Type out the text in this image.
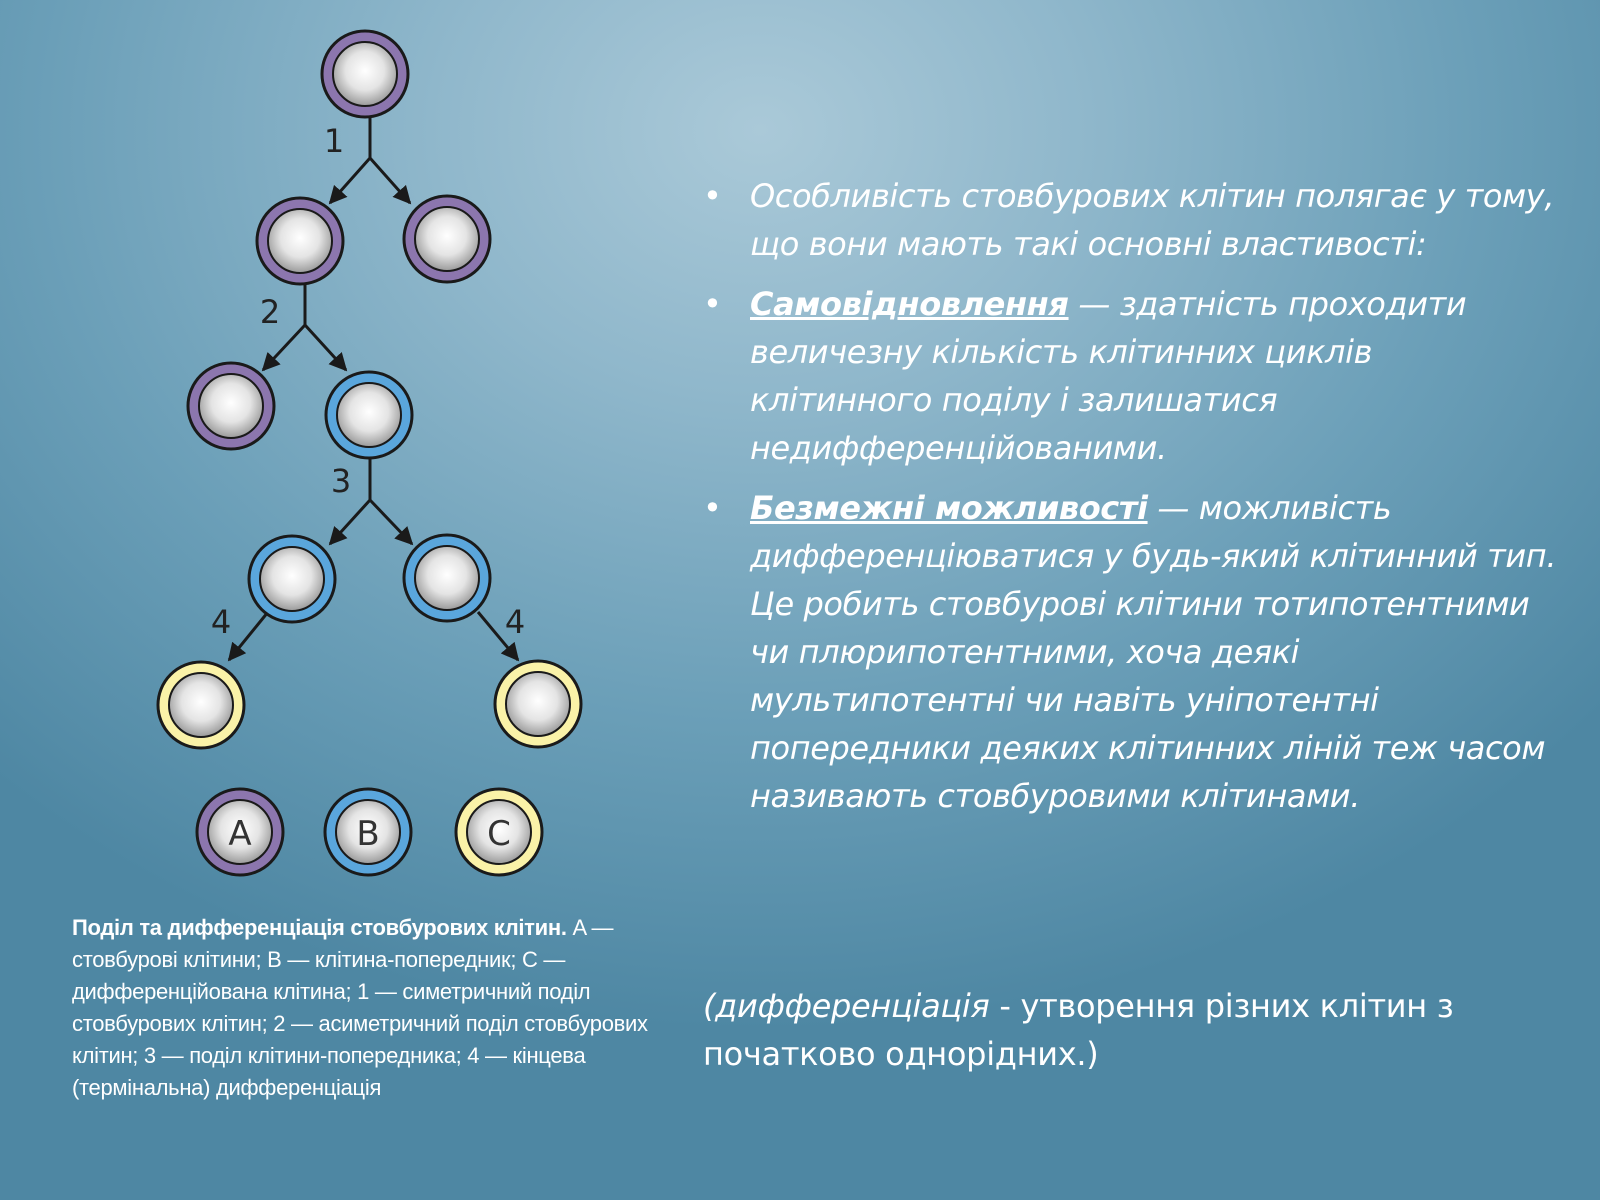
1
2
3
4	4
A	B	C
Поділ та дифференціація стовбурових клітин. A — стовбурові клітини; B — клітина-попередник; C — дифференційована клітина; 1 — симетричний поділ стовбурових клітин; 2 — асиметричний поділ стовбурових клітин; 3 — поділ клітини-попередника; 4 — кінцева (термінальна) дифференціація
• Особливість стовбурових клітин полягає у тому, що вони мають такі основні властивості:
• Самовідновлення — здатність проходити величезну кількість клітинних циклів клітинного поділу і залишатися недифференційованими.
• Безмежні можливості — можливість дифференціюватися у будь-який клітинний тип. Це робить стовбурові клітини тотипотентними чи плюрипотентними, хоча деякі мультипотентні чи навіть уніпотентні попередники деяких клітинних ліній теж часом називають стовбуровими клітинами.
(дифференціація - утворення різних клітин з початково однорідних.)
